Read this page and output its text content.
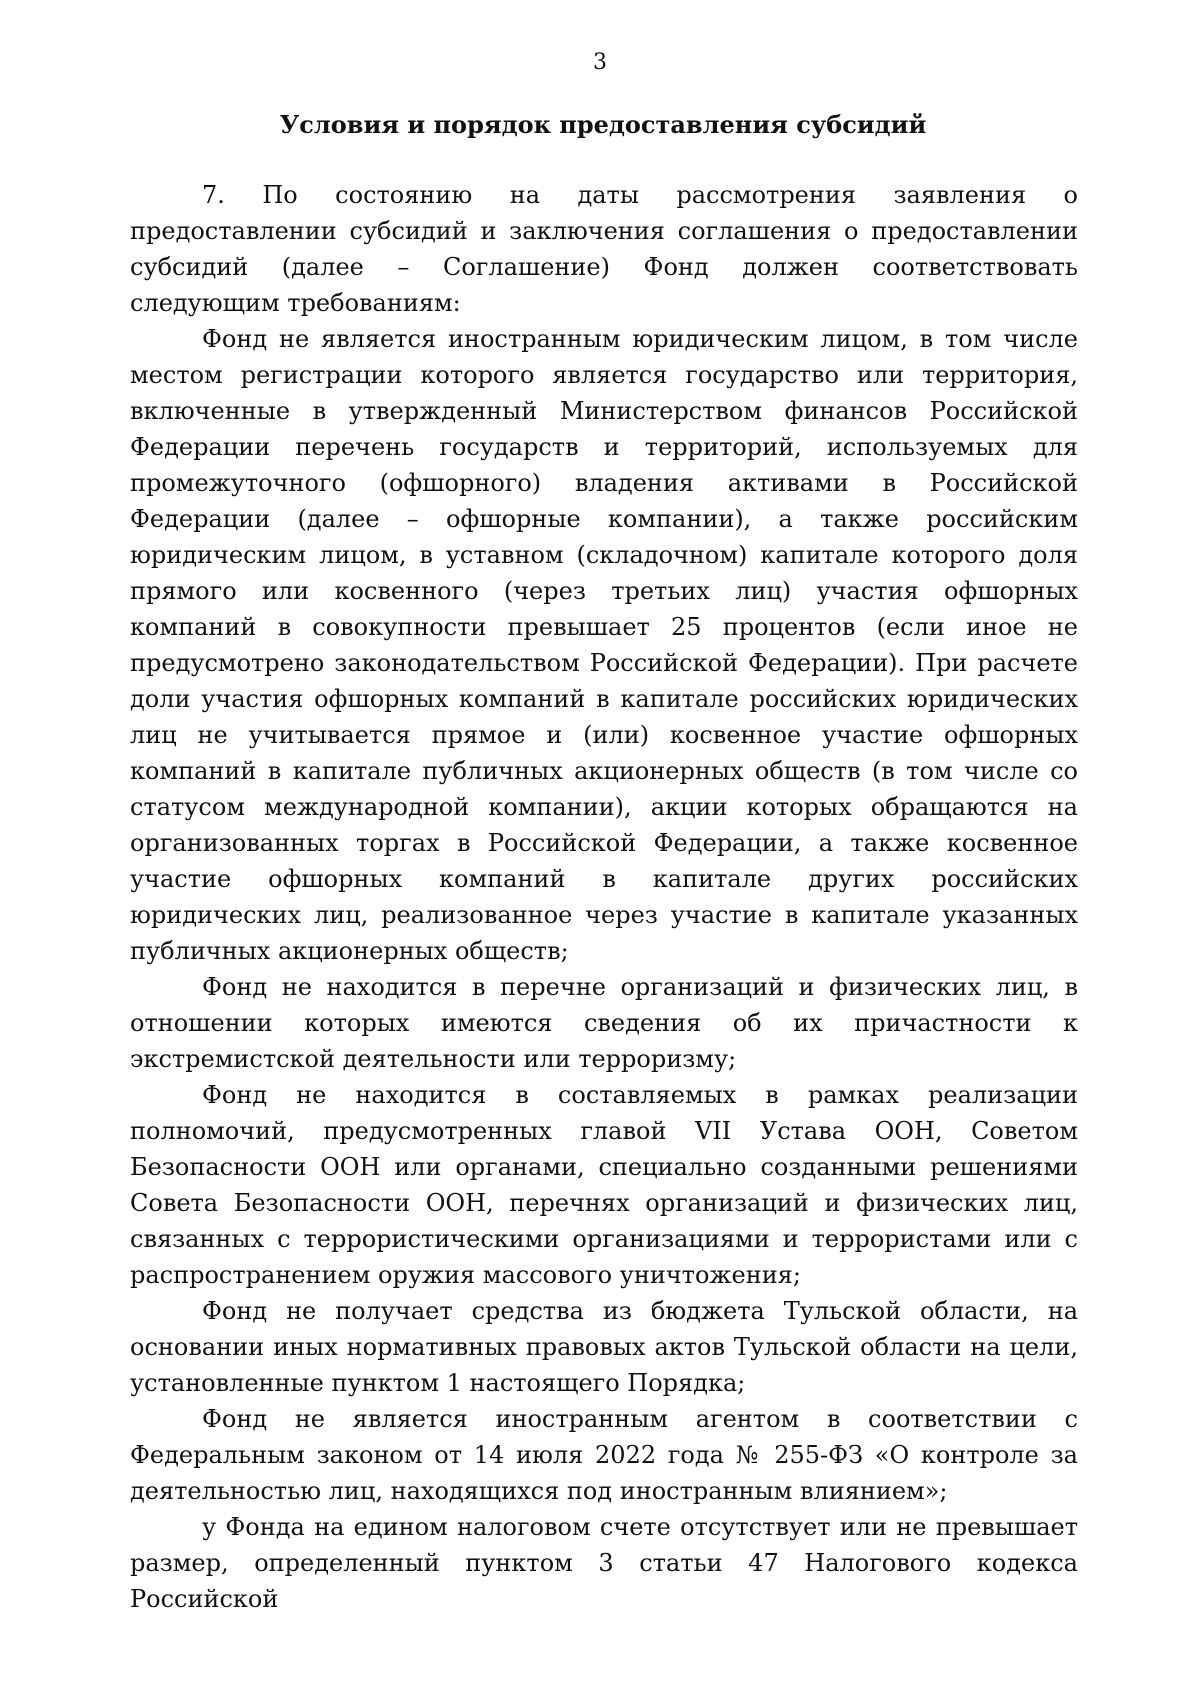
3
Условия и порядок предоставления субсидий

7. По состоянию на даты рассмотрения заявления о предоставлении субсидий и заключения соглашения о предоставлении субсидий (далее – Соглашение) Фонд должен соответствовать следующим требованиям:

Фонд не является иностранным юридическим лицом, в том числе местом регистрации которого является государство или территория, включенные в утвержденный Министерством финансов Российской Федерации перечень государств и территорий, используемых для промежуточного (офшорного) владения активами в Российской Федерации (далее – офшорные компании), а также российским юридическим лицом, в уставном (складочном) капитале которого доля прямого или косвенного (через третьих лиц) участия офшорных компаний в совокупности превышает 25 процентов (если иное не предусмотрено законодательством Российской Федерации). При расчете доли участия офшорных компаний в капитале российских юридических лиц не учитывается прямое и (или) косвенное участие офшорных компаний в капитале публичных акционерных обществ (в том числе со статусом международной компании), акции которых обращаются на организованных торгах в Российской Федерации, а также косвенное участие офшорных компаний в капитале других российских юридических лиц, реализованное через участие в капитале указанных публичных акционерных обществ;

Фонд не находится в перечне организаций и физических лиц, в отношении которых имеются сведения об их причастности к экстремистской деятельности или терроризму;

Фонд не находится в составляемых в рамках реализации полномочий, предусмотренных главой VII Устава ООН, Советом Безопасности ООН или органами, специально созданными решениями Совета Безопасности ООН, перечнях организаций и физических лиц, связанных с террористическими организациями и террористами или с распространением оружия массового уничтожения;

Фонд не получает средства из бюджета Тульской области, на основании иных нормативных правовых актов Тульской области на цели, установленные пунктом 1 настоящего Порядка;

Фонд не является иностранным агентом в соответствии с Федеральным законом от 14 июля 2022 года № 255-ФЗ «О контроле за деятельностью лиц, находящихся под иностранным влиянием»;

у Фонда на едином налоговом счете отсутствует или не превышает размер, определенный пунктом 3 статьи 47 Налогового кодекса Российской
